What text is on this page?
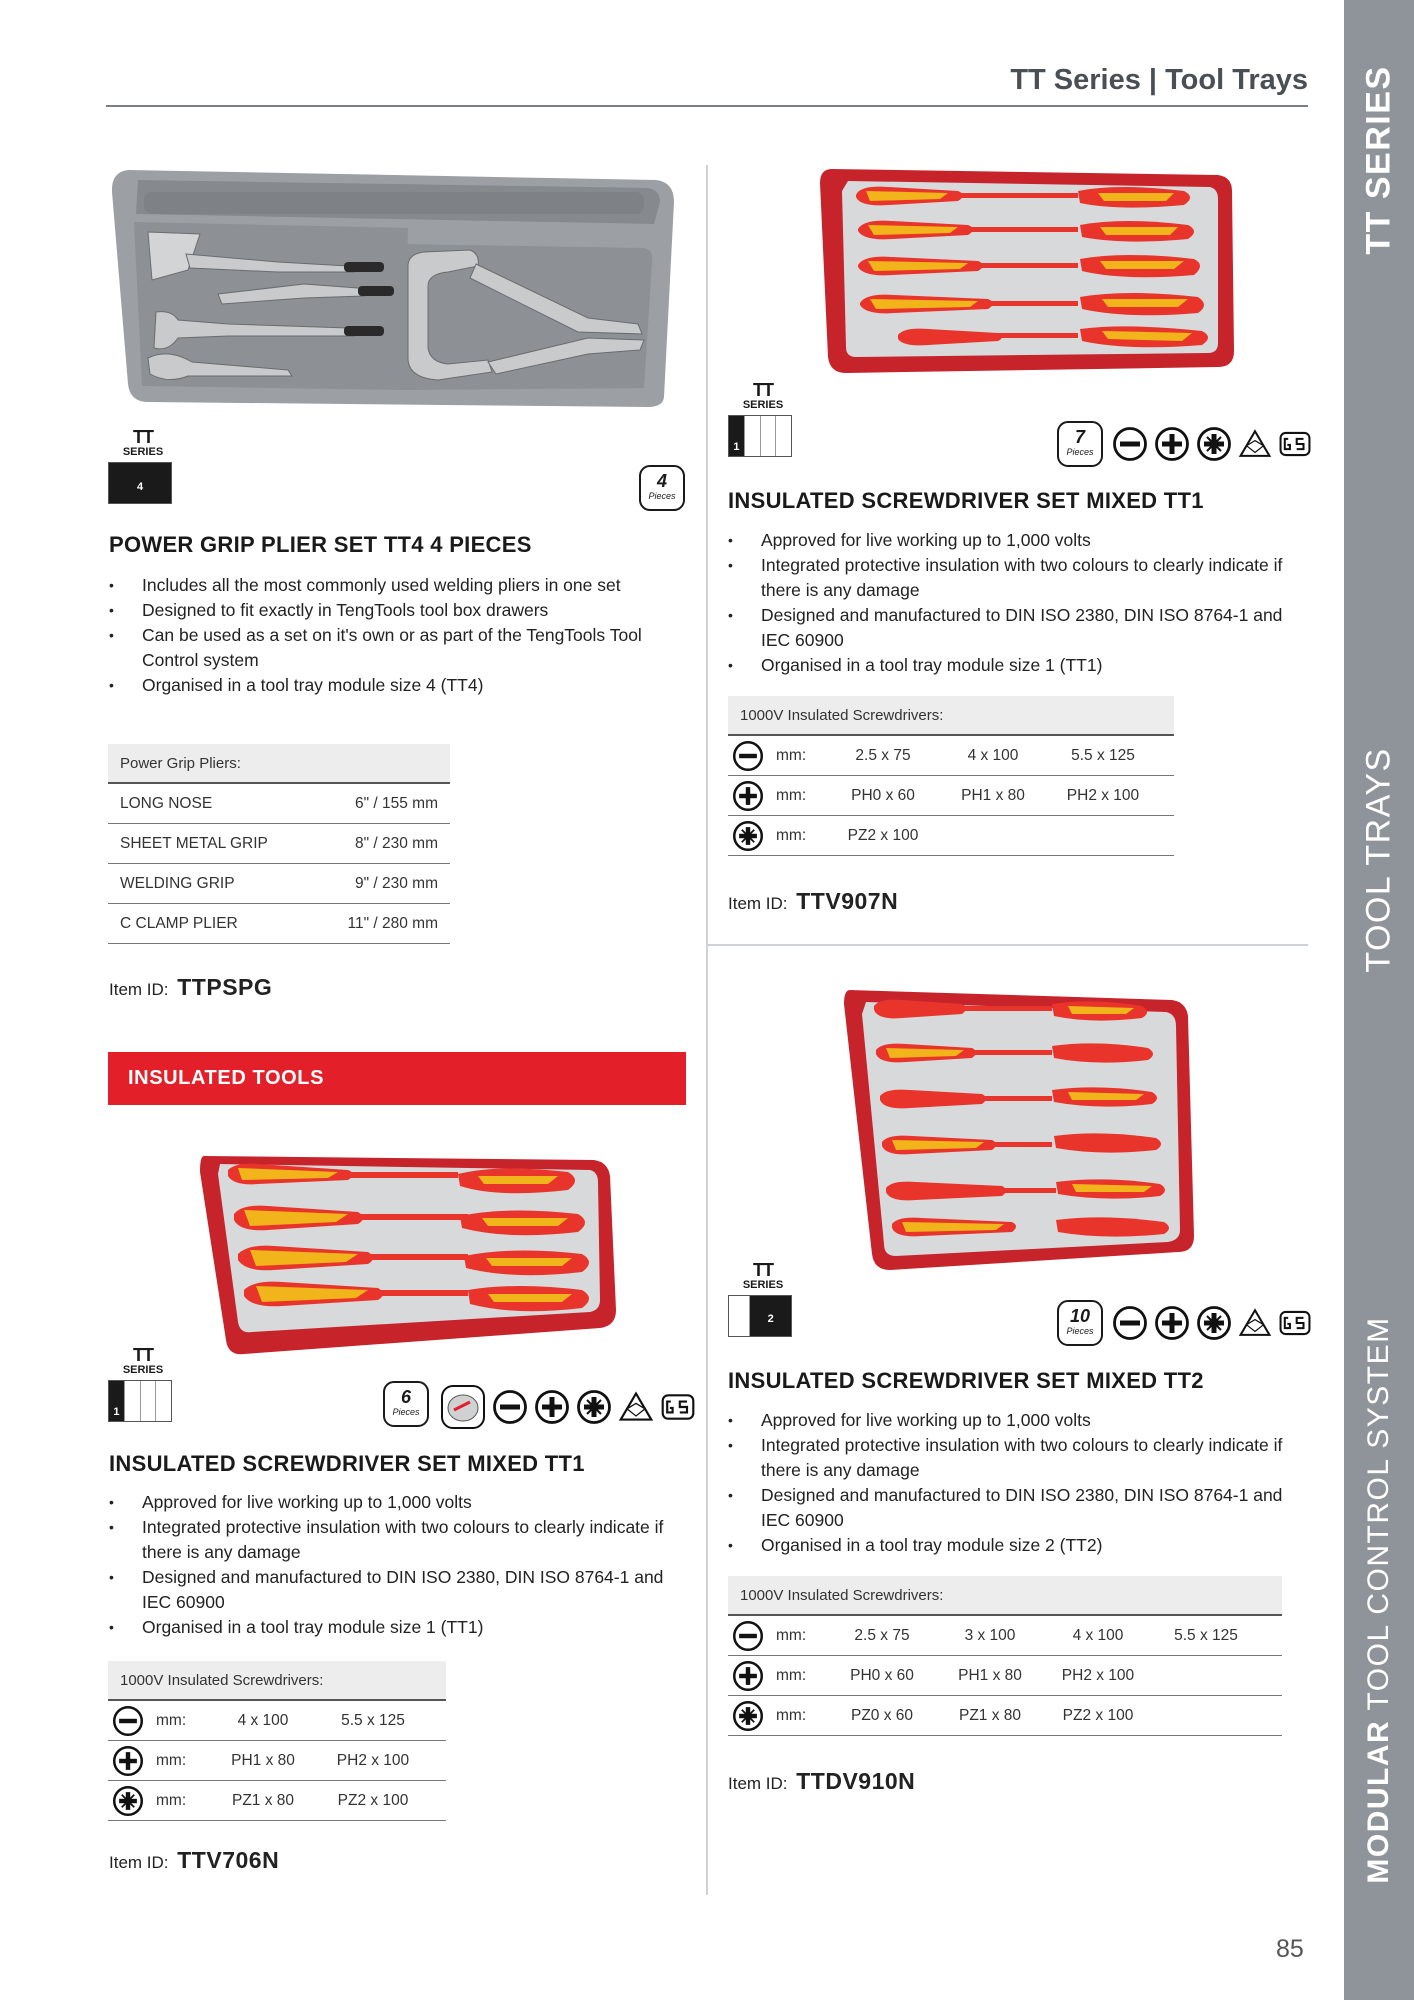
TT Series | Tool Trays TT SERIES
TOOL TRAYS
MODULAR TOOL CONTROL SYSTEM
TT
SERIES
4	4
Pieces
POWER GRIP PLIER SET TT4 4 PIECES
• Includes all the most commonly used welding pliers in one set
• Designed to fit exactly in TengTools tool box drawers
• Can be used as a set on it's own or as part of the TengTools Tool Control system
• Organised in a tool tray module size 4 (TT4)
Power Grip Pliers:
LONG NOSE	6" / 155 mm
SHEET METAL GRIP	8" / 230 mm
WELDING GRIP	9" / 230 mm
C CLAMP PLIER	11" / 280 mm
Item ID: TTPSPG
INSULATED TOOLS
TT
SERIES
1
6
Pieces
INSULATED SCREWDRIVER SET MIXED TT1
• Approved for live working up to 1,000 volts
• Integrated protective insulation with two colours to clearly indicate if there is any damage
• Designed and manufactured to DIN ISO 2380, DIN ISO 8764-1 and IEC 60900
• Organised in a tool tray module size 1 (TT1)
1000V Insulated Screwdrivers:
mm:	4 x 100	5.5 x 125
mm:	PH1 x 80	PH2 x 100
mm:	PZ1 x 80	PZ2 x 100
Item ID: TTV706N
TT
SERIES
1	7
Pieces
INSULATED SCREWDRIVER SET MIXED TT1
• Approved for live working up to 1,000 volts
• Integrated protective insulation with two colours to clearly indicate if there is any damage
• Designed and manufactured to DIN ISO 2380, DIN ISO 8764-1 and IEC 60900
• Organised in a tool tray module size 1 (TT1)
1000V Insulated Screwdrivers:
mm:	2.5 x 75	4 x 100	5.5 x 125
mm:	PH0 x 60	PH1 x 80	PH2 x 100
mm:	PZ2 x 100
Item ID: TTV907N
TT
SERIES
2	10
Pieces
INSULATED SCREWDRIVER SET MIXED TT2
• Approved for live working up to 1,000 volts
• Integrated protective insulation with two colours to clearly indicate if there is any damage
• Designed and manufactured to DIN ISO 2380, DIN ISO 8764-1 and IEC 60900
• Organised in a tool tray module size 2 (TT2)
1000V Insulated Screwdrivers:
mm:	2.5 x 75	3 x 100	4 x 100	5.5 x 125
mm:	PH0 x 60	PH1 x 80	PH2 x 100
mm:	PZ0 x 60	PZ1 x 80	PZ2 x 100
Item ID: TTDV910N
85
